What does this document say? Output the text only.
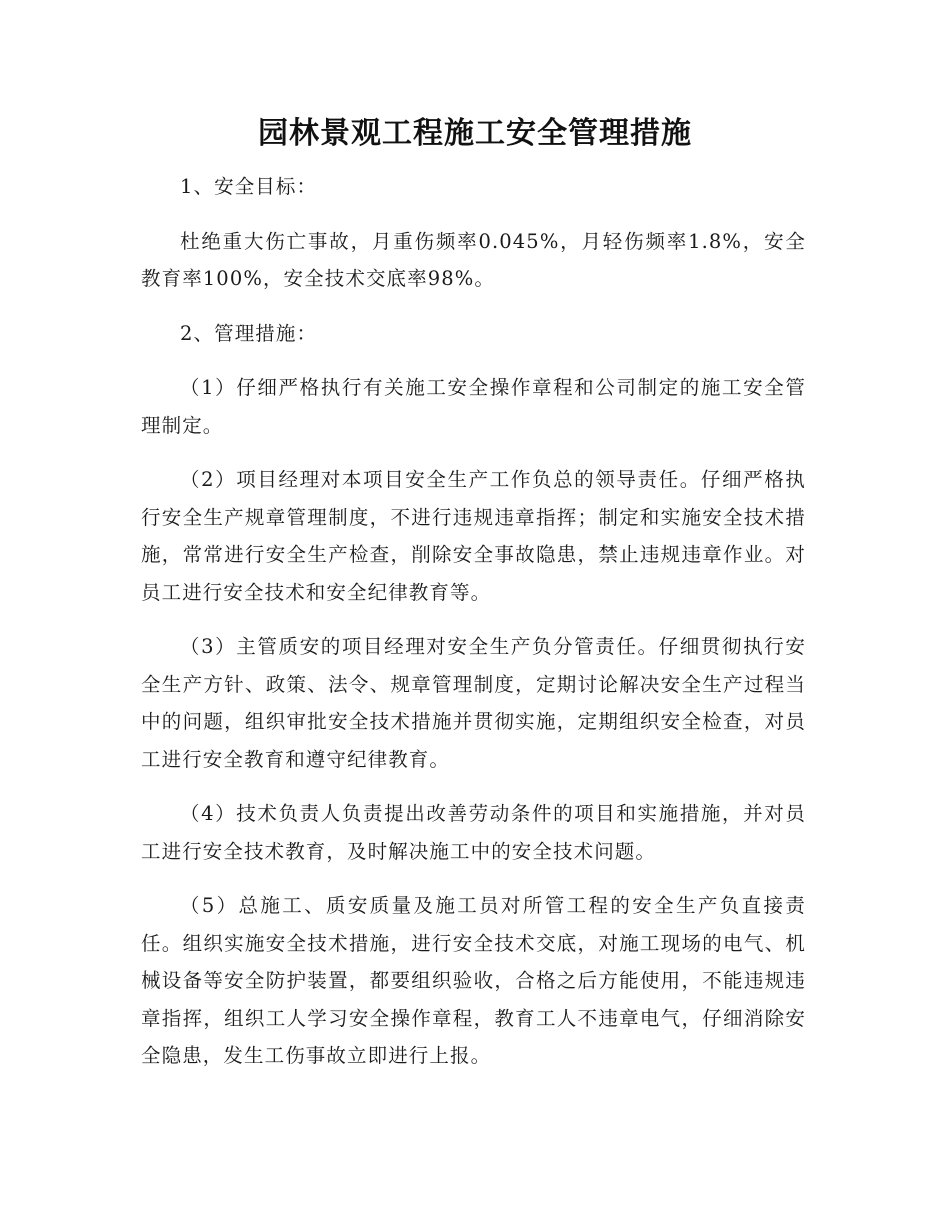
园林景观工程施工安全管理措施

1、安全目标：

杜绝重大伤亡事故，月重伤频率0.045%，月轻伤频率1.8%，安全教育率100%，安全技术交底率98%。

2、管理措施：

（1）仔细严格执行有关施工安全操作章程和公司制定的施工安全管理制定。

（2）项目经理对本项目安全生产工作负总的领导责任。仔细严格执行安全生产规章管理制度，不进行违规违章指挥；制定和实施安全技术措施，常常进行安全生产检查，削除安全事故隐患，禁止违规违章作业。对员工进行安全技术和安全纪律教育等。

（3）主管质安的项目经理对安全生产负分管责任。仔细贯彻执行安全生产方针、政策、法令、规章管理制度，定期讨论解决安全生产过程当中的问题，组织审批安全技术措施并贯彻实施，定期组织安全检查，对员工进行安全教育和遵守纪律教育。

（4）技术负责人负责提出改善劳动条件的项目和实施措施，并对员工进行安全技术教育，及时解决施工中的安全技术问题。

（5）总施工、质安质量及施工员对所管工程的安全生产负直接责任。组织实施安全技术措施，进行安全技术交底，对施工现场的电气、机械设备等安全防护装置，都要组织验收，合格之后方能使用，不能违规违章指挥，组织工人学习安全操作章程，教育工人不违章电气，仔细消除安全隐患，发生工伤事故立即进行上报。
